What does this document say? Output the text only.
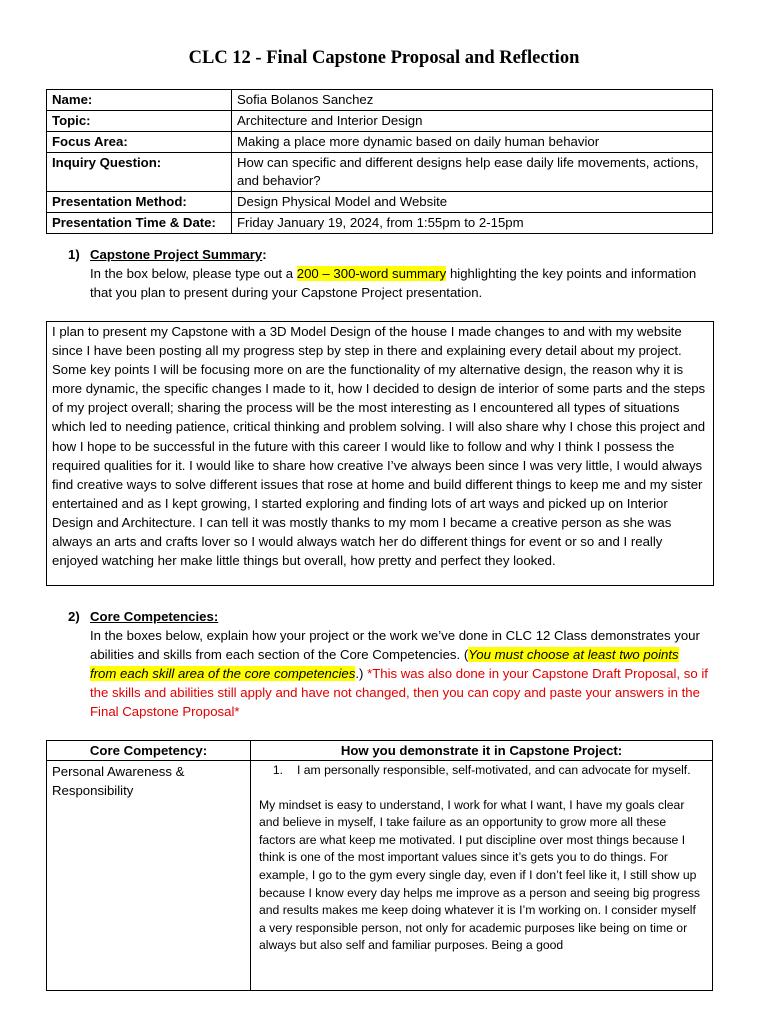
CLC 12 - Final Capstone Proposal and Reflection
Name:	Sofia Bolanos Sanchez
Topic:	Architecture and Interior Design
Focus Area:	Making a place more dynamic based on daily human behavior
Inquiry Question:	How can specific and different designs help ease daily life movements, actions, and behavior?
Presentation Method:	Design Physical Model and Website
Presentation Time & Date:	Friday January 19, 2024, from 1:55pm to 2-15pm
1) Capstone Project Summary:
In the box below, please type out a 200 – 300-word summary highlighting the key points and information that you plan to present during your Capstone Project presentation.
I plan to present my Capstone with a 3D Model Design of the house I made changes to and with my website since I have been posting all my progress step by step in there and explaining every detail about my project. Some key points I will be focusing more on are the functionality of my alternative design, the reason why it is more dynamic, the specific changes I made to it, how I decided to design de interior of some parts and the steps of my project overall; sharing the process will be the most interesting as I encountered all types of situations which led to needing patience, critical thinking and problem solving. I will also share why I chose this project and how I hope to be successful in the future with this career I would like to follow and why I think I possess the required qualities for it. I would like to share how creative I’ve always been since I was very little, I would always find creative ways to solve different issues that rose at home and build different things to keep me and my sister entertained and as I kept growing, I started exploring and finding lots of art ways and picked up on Interior Design and Architecture. I can tell it was mostly thanks to my mom I became a creative person as she was always an arts and crafts lover so I would always watch her do different things for event or so and I really enjoyed watching her make little things but overall, how pretty and perfect they looked.
2) Core Competencies:
In the boxes below, explain how your project or the work we’ve done in CLC 12 Class demonstrates your abilities and skills from each section of the Core Competencies. (You must choose at least two points from each skill area of the core competencies.) *This was also done in your Capstone Draft Proposal, so if the skills and abilities still apply and have not changed, then you can copy and paste your answers in the Final Capstone Proposal*
Core Competency:	How you demonstrate it in Capstone Project:
Personal Awareness & Responsibility	1. I am personally responsible, self-motivated, and can advocate for myself.
My mindset is easy to understand, I work for what I want, I have my goals clear and believe in myself, I take failure as an opportunity to grow more all these factors are what keep me motivated. I put discipline over most things because I think is one of the most important values since it’s gets you to do things. For example, I go to the gym every single day, even if I don’t feel like it, I still show up because I know every day helps me improve as a person and seeing big progress and results makes me keep doing whatever it is I’m working on. I consider myself a very responsible person, not only for academic purposes like being on time or always but also self and familiar purposes. Being a good
